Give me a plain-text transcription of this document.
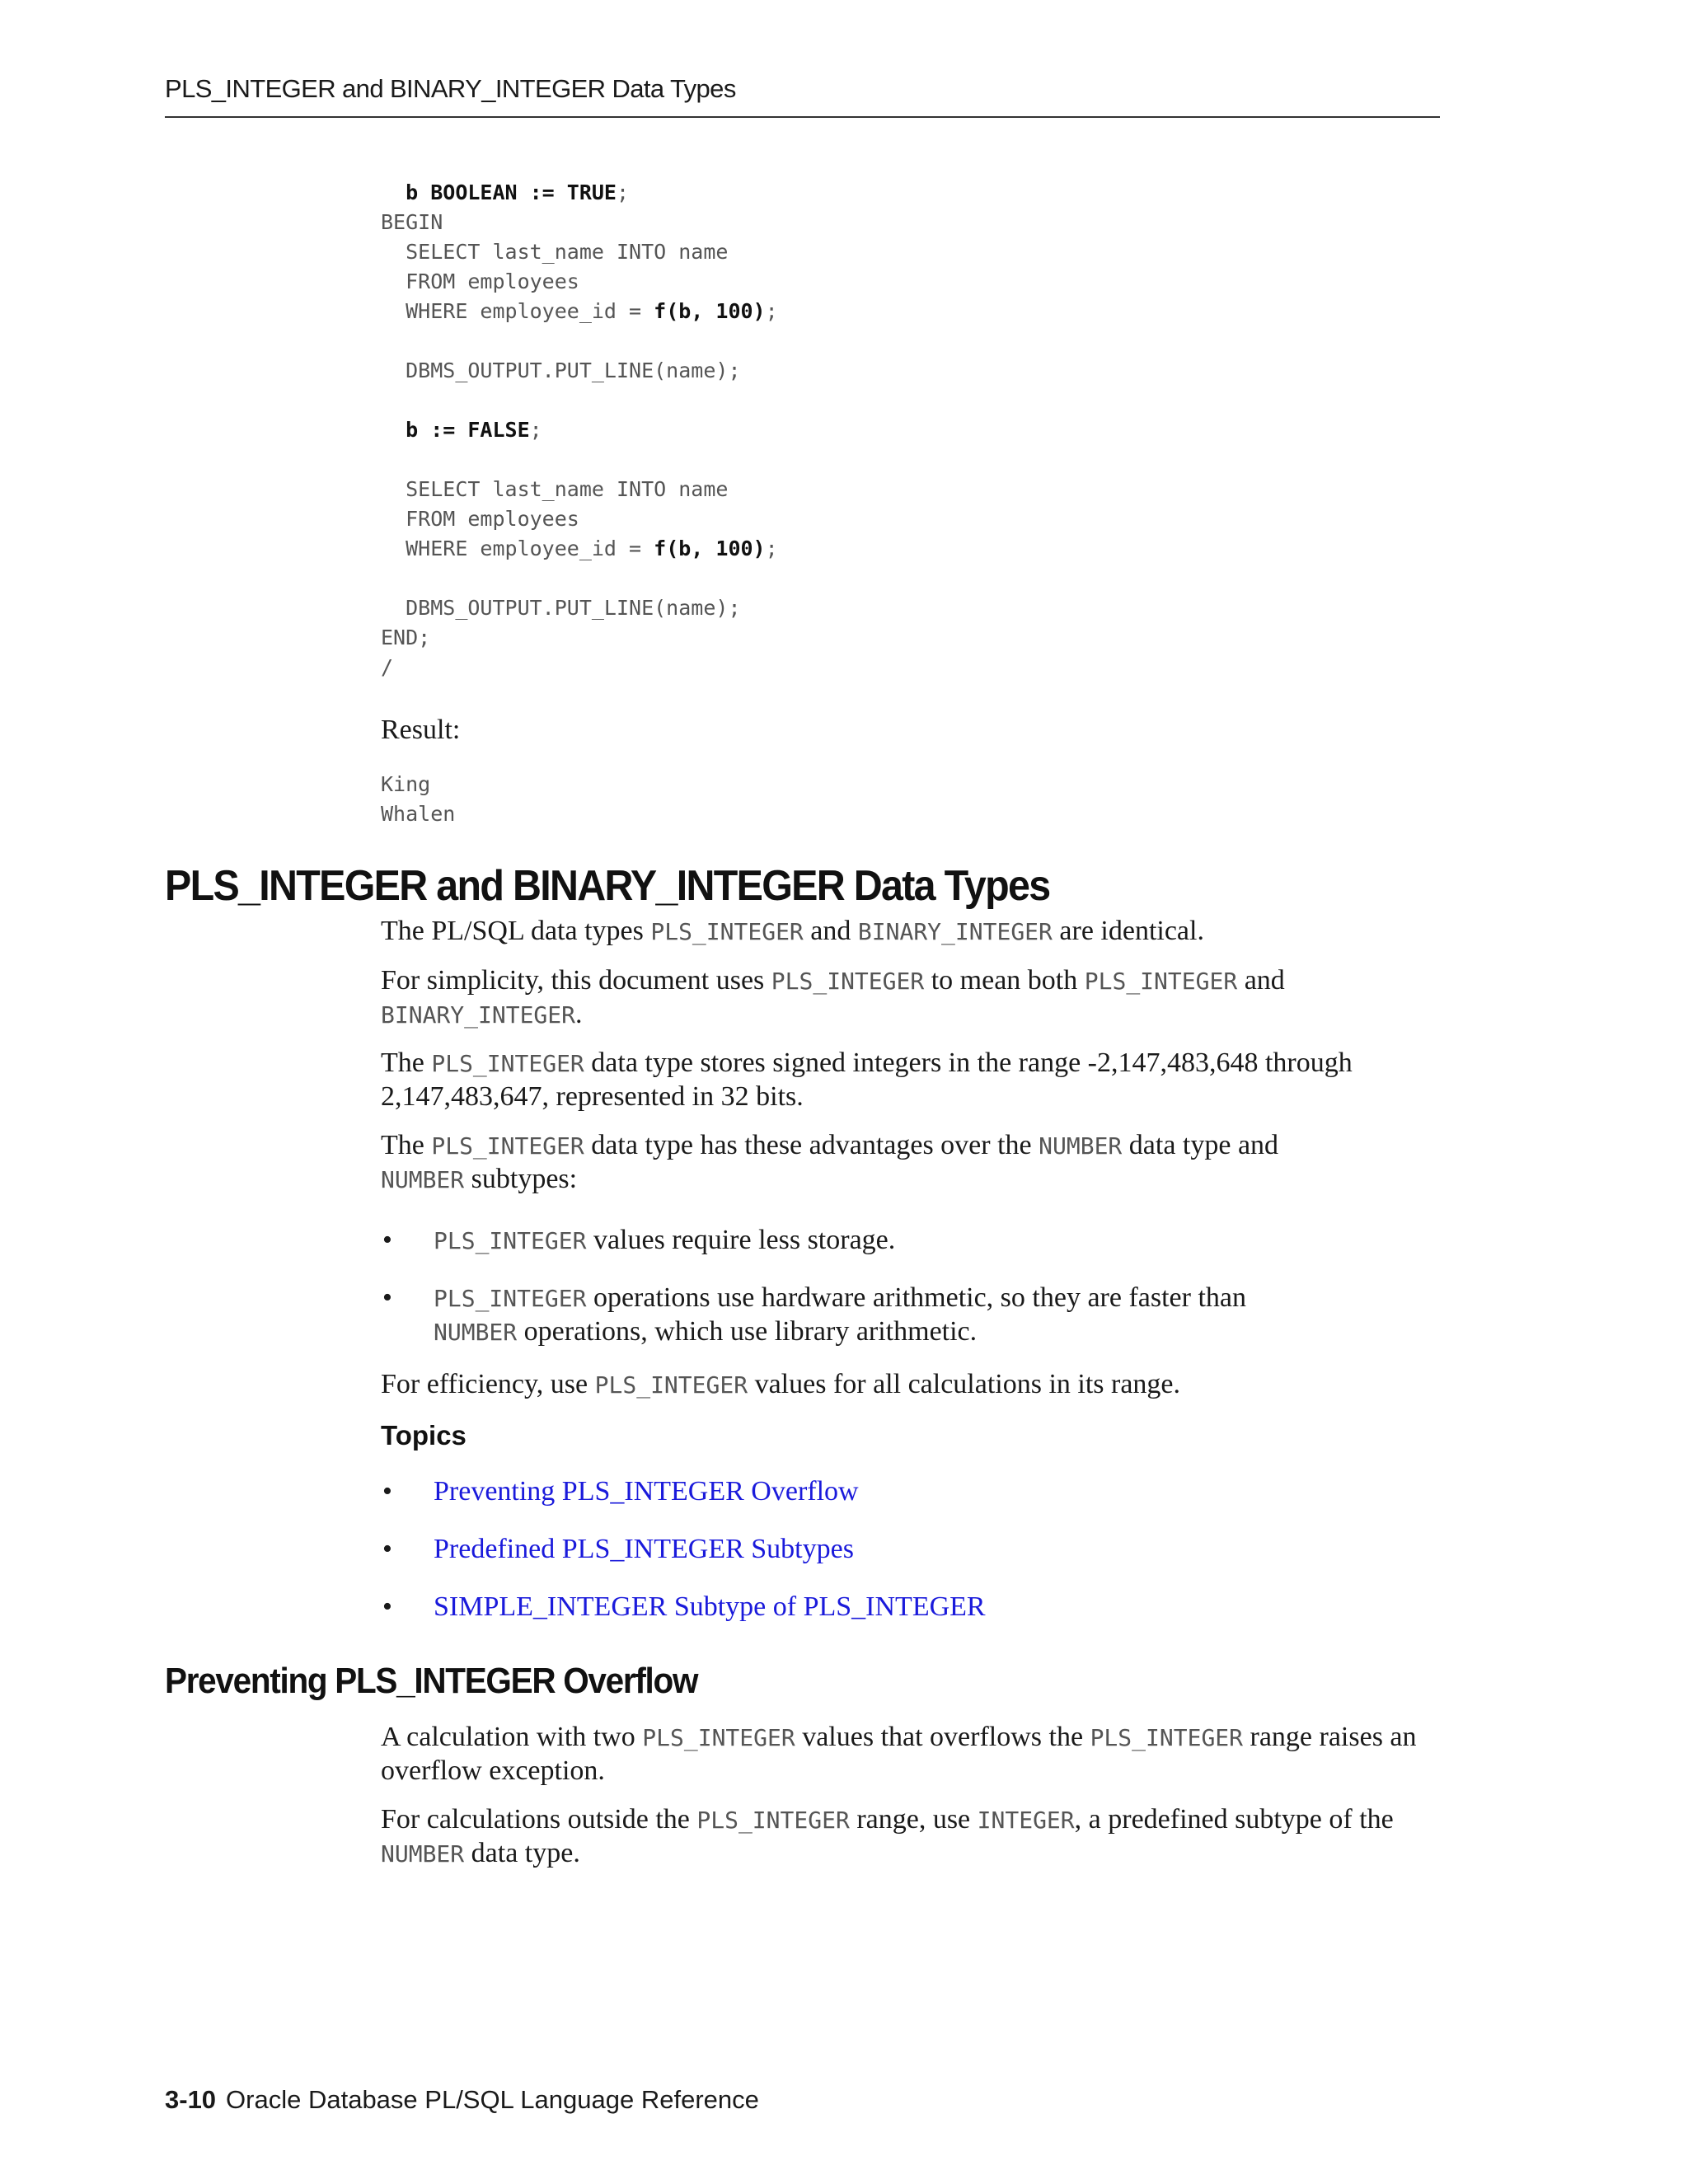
PLS_INTEGER and BINARY_INTEGER Data Types
b BOOLEAN := TRUE;
BEGIN
SELECT last_name INTO name
FROM employees
WHERE employee_id = f(b, 100);

DBMS_OUTPUT.PUT_LINE(name);

b := FALSE;

SELECT last_name INTO name
FROM employees
WHERE employee_id = f(b, 100);

DBMS_OUTPUT.PUT_LINE(name);
END;
/

Result:
King
Whalen

PLS_INTEGER and BINARY_INTEGER Data Types

The PL/SQL data types PLS_INTEGER and BINARY_INTEGER are identical.

For simplicity, this document uses PLS_INTEGER to mean both PLS_INTEGER and
BINARY_INTEGER.

The PLS_INTEGER data type stores signed integers in the range -2,147,483,648 through 2,147,483,647, represented in 32 bits.

The PLS_INTEGER data type has these advantages over the NUMBER data type and
NUMBER subtypes:

• PLS_INTEGER values require less storage.
• PLS_INTEGER operations use hardware arithmetic, so they are faster than
NUMBER operations, which use library arithmetic.

For efficiency, use PLS_INTEGER values for all calculations in its range.

Topics
• Preventing PLS_INTEGER Overflow
• Predefined PLS_INTEGER Subtypes
• SIMPLE_INTEGER Subtype of PLS_INTEGER
Preventing PLS_INTEGER Overflow

A calculation with two PLS_INTEGER values that overflows the PLS_INTEGER range raises an overflow exception.

For calculations outside the PLS_INTEGER range, use INTEGER, a predefined subtype of the NUMBER data type.

3-10 Oracle Database PL/SQL Language Reference
